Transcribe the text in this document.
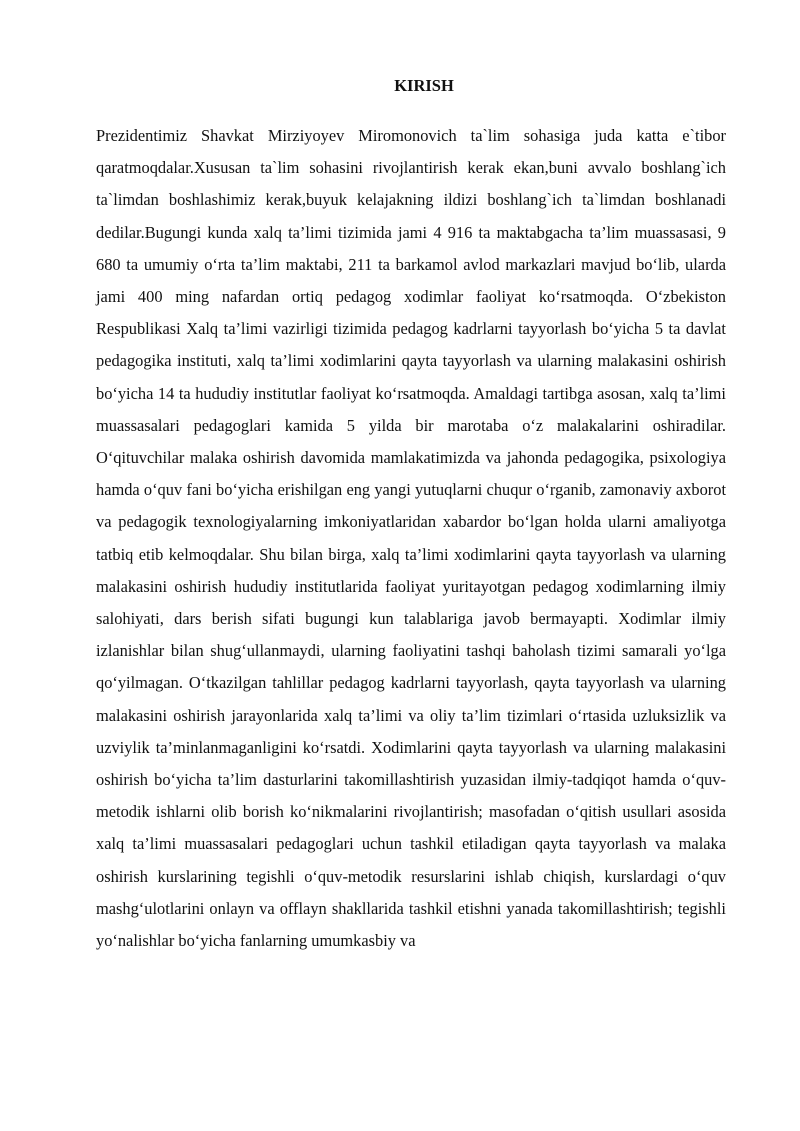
KIRISH

Prezidentimiz Shavkat Mirziyoyev Miromonovich ta`lim sohasiga juda katta e`tibor qaratmoqdalar.Xususan ta`lim sohasini rivojlantirish kerak ekan,buni avvalo boshlang`ich ta`limdan boshlashimiz kerak,buyuk kelajakning ildizi boshlang`ich ta`limdan boshlanadi dedilar.Bugungi kunda xalq ta’limi tizimida jami 4 916 ta maktabgacha ta’lim muassasasi, 9 680 ta umumiy o‘rta ta’lim maktabi, 211 ta barkamol avlod markazlari mavjud bo‘lib, ularda jami 400 ming nafardan ortiq pedagog xodimlar faoliyat ko‘rsatmoqda. O‘zbekiston Respublikasi Xalq ta’limi vazirligi tizimida pedagog kadrlarni tayyorlash bo‘yicha 5 ta davlat pedagogika instituti, xalq ta’limi xodimlarini qayta tayyorlash va ularning malakasini oshirish bo‘yicha 14 ta hududiy institutlar faoliyat ko‘rsatmoqda. Amaldagi tartibga asosan, xalq ta’limi muassasalari pedagoglari kamida 5 yilda bir marotaba o‘z malakalarini oshiradilar. O‘qituvchilar malaka oshirish davomida mamlakatimizda va jahonda pedagogika, psixologiya hamda o‘quv fani bo‘yicha erishilgan eng yangi yutuqlarni chuqur o‘rganib, zamonaviy axborot va pedagogik texnologiyalarning imkoniyatlaridan xabardor bo‘lgan holda ularni amaliyotga tatbiq etib kelmoqdalar. Shu bilan birga, xalq ta’limi xodimlarini qayta tayyorlash va ularning malakasini oshirish hududiy institutlarida faoliyat yuritayotgan pedagog xodimlarning ilmiy salohiyati, dars berish sifati bugungi kun talablariga javob bermayapti. Xodimlar ilmiy izlanishlar bilan shug‘ullanmaydi, ularning faoliyatini tashqi baholash tizimi samarali yo‘lga qo‘yilmagan. O‘tkazilgan tahlillar pedagog kadrlarni tayyorlash, qayta tayyorlash va ularning malakasini oshirish jarayonlarida xalq ta’limi va oliy ta’lim tizimlari o‘rtasida uzluksizlik va uzviylik ta’minlanmaganligini ko‘rsatdi. Xodimlarini qayta tayyorlash va ularning malakasini oshirish bo‘yicha ta’lim dasturlarini takomillashtirish yuzasidan ilmiy-tadqiqot hamda o‘quv-metodik ishlarni olib borish ko‘nikmalarini rivojlantirish; masofadan o‘qitish usullari asosida xalq ta’limi muassasalari pedagoglari uchun tashkil etiladigan qayta tayyorlash va malaka oshirish kurslarining tegishli o‘quv-metodik resurslarini ishlab chiqish, kurslardagi o‘quv mashg‘ulotlarini onlayn va offlayn shakllarida tashkil etishni yanada takomillashtirish; tegishli yo‘nalishlar bo‘yicha fanlarning umumkasbiy va
